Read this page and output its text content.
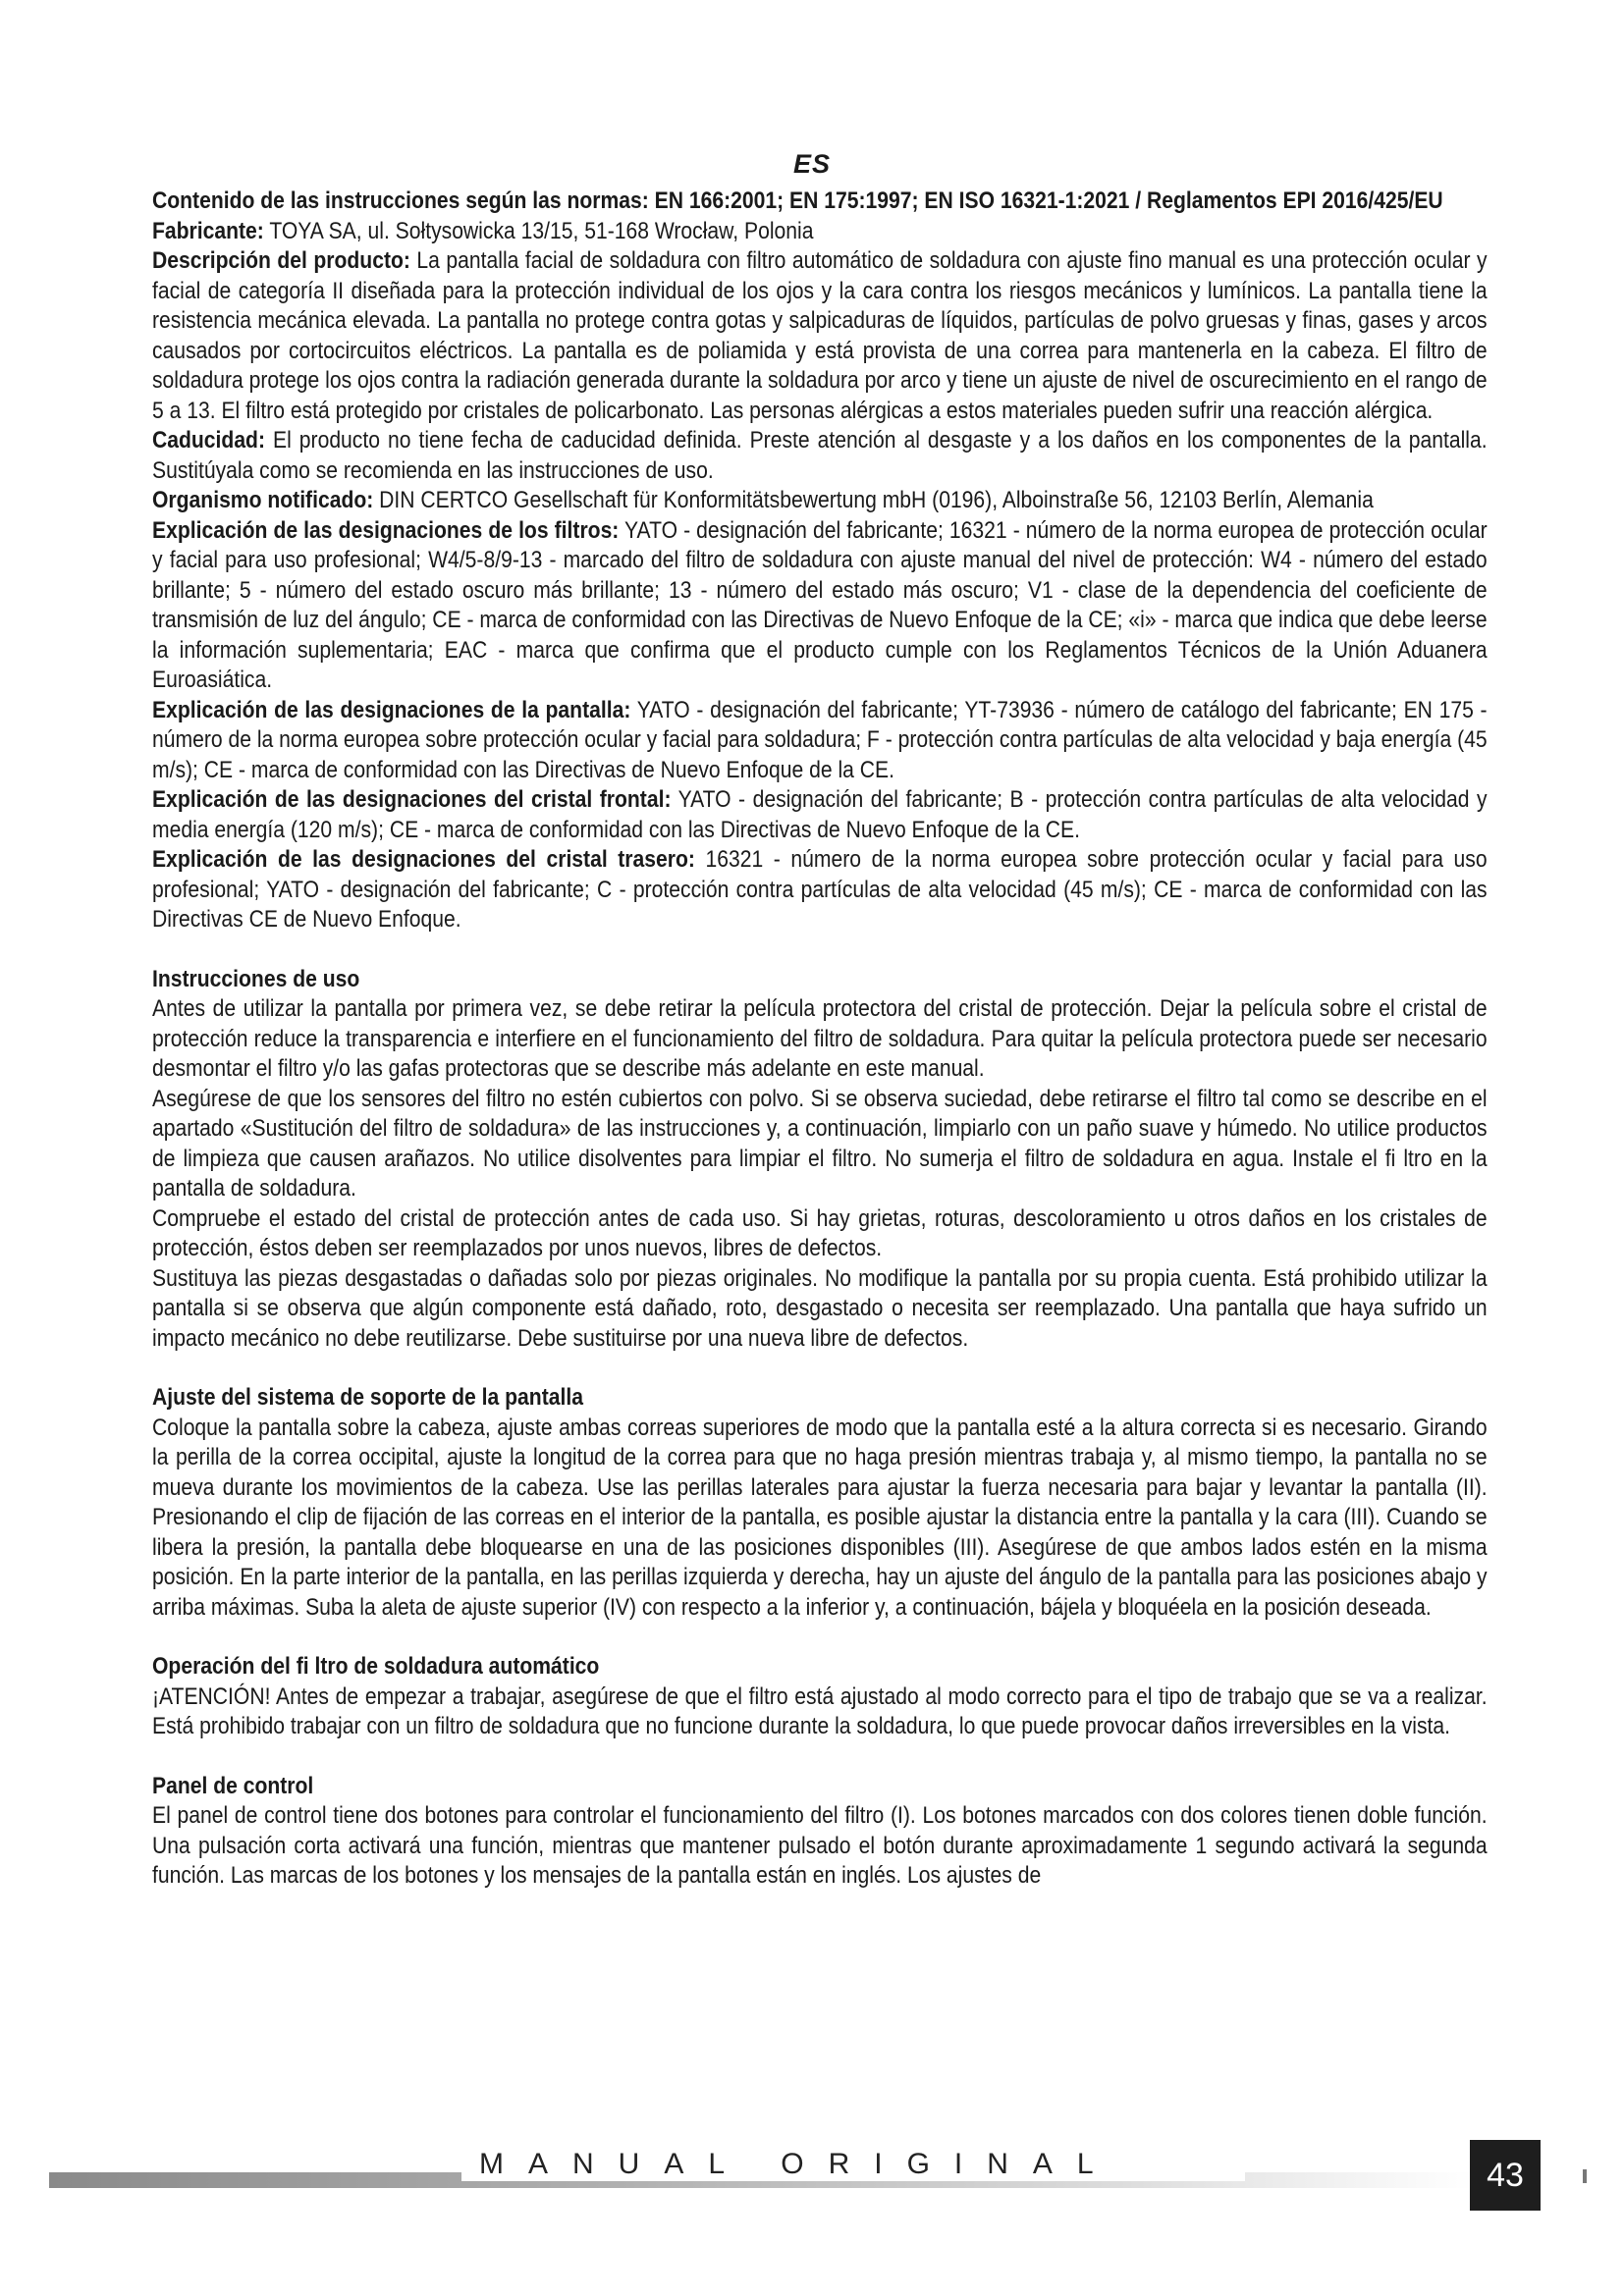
ES

Contenido de las instrucciones según las normas: EN 166:2001; EN 175:1997; EN ISO 16321-1:2021 / Reglamentos EPI 2016/425/EU

Fabricante: TOYA SA, ul. Sołtysowicka 13/15, 51-168 Wrocław, Polonia

Descripción del producto: La pantalla facial de soldadura con filtro automático de soldadura con ajuste fino manual es una protección ocular y facial de categoría II diseñada para la protección individual de los ojos y la cara contra los riesgos mecánicos y lumínicos. La pantalla tiene la resistencia mecánica elevada. La pantalla no protege contra gotas y salpicaduras de líquidos, partículas de polvo gruesas y finas, gases y arcos causados por cortocircuitos eléctricos. La pantalla es de poliamida y está provista de una correa para mantenerla en la cabeza. El filtro de soldadura protege los ojos contra la radiación generada durante la soldadura por arco y tiene un ajuste de nivel de oscurecimiento en el rango de 5 a 13. El filtro está protegido por cristales de policarbonato. Las personas alérgicas a estos materiales pueden sufrir una reacción alérgica.

Caducidad: El producto no tiene fecha de caducidad definida. Preste atención al desgaste y a los daños en los componentes de la pantalla. Sustitúyala como se recomienda en las instrucciones de uso.

Organismo notificado: DIN CERTCO Gesellschaft für Konformitätsbewertung mbH (0196), Alboinstraße 56, 12103 Berlín, Alemania

Explicación de las designaciones de los filtros: YATO - designación del fabricante; 16321 - número de la norma europea de protección ocular y facial para uso profesional; W4/5-8/9-13 - marcado del filtro de soldadura con ajuste manual del nivel de protección: W4 - número del estado brillante; 5 - número del estado oscuro más brillante; 13 - número del estado más oscuro; V1 - clase de la dependencia del coeficiente de transmisión de luz del ángulo; CE - marca de conformidad con las Directivas de Nuevo Enfoque de la CE; «i» - marca que indica que debe leerse la información suplementaria; EAC - marca que confirma que el producto cumple con los Reglamentos Técnicos de la Unión Aduanera Euroasiática.

Explicación de las designaciones de la pantalla: YATO - designación del fabricante; YT-73936 - número de catálogo del fabricante; EN 175 - número de la norma europea sobre protección ocular y facial para soldadura; F - protección contra partículas de alta velocidad y baja energía (45 m/s); CE - marca de conformidad con las Directivas de Nuevo Enfoque de la CE.

Explicación de las designaciones del cristal frontal: YATO - designación del fabricante; B - protección contra partículas de alta velocidad y media energía (120 m/s); CE - marca de conformidad con las Directivas de Nuevo Enfoque de la CE.

Explicación de las designaciones del cristal trasero: 16321 - número de la norma europea sobre protección ocular y facial para uso profesional; YATO - designación del fabricante; C - protección contra partículas de alta velocidad (45 m/s); CE - marca de conformidad con las Directivas CE de Nuevo Enfoque.

Instrucciones de uso

Antes de utilizar la pantalla por primera vez, se debe retirar la película protectora del cristal de protección. Dejar la película sobre el cristal de protección reduce la transparencia e interfiere en el funcionamiento del filtro de soldadura. Para quitar la película protectora puede ser necesario desmontar el filtro y/o las gafas protectoras que se describe más adelante en este manual.

Asegúrese de que los sensores del filtro no estén cubiertos con polvo. Si se observa suciedad, debe retirarse el filtro tal como se describe en el apartado «Sustitución del filtro de soldadura» de las instrucciones y, a continuación, limpiarlo con un paño suave y húmedo. No utilice productos de limpieza que causen arañazos. No utilice disolventes para limpiar el filtro. No sumerja el filtro de soldadura en agua. Instale el fi ltro en la pantalla de soldadura.

Compruebe el estado del cristal de protección antes de cada uso. Si hay grietas, roturas, descoloramiento u otros daños en los cristales de protección, éstos deben ser reemplazados por unos nuevos, libres de defectos.

Sustituya las piezas desgastadas o dañadas solo por piezas originales. No modifique la pantalla por su propia cuenta. Está prohibido utilizar la pantalla si se observa que algún componente está dañado, roto, desgastado o necesita ser reemplazado. Una pantalla que haya sufrido un impacto mecánico no debe reutilizarse. Debe sustituirse por una nueva libre de defectos.

Ajuste del sistema de soporte de la pantalla

Coloque la pantalla sobre la cabeza, ajuste ambas correas superiores de modo que la pantalla esté a la altura correcta si es necesario. Girando la perilla de la correa occipital, ajuste la longitud de la correa para que no haga presión mientras trabaja y, al mismo tiempo, la pantalla no se mueva durante los movimientos de la cabeza. Use las perillas laterales para ajustar la fuerza necesaria para bajar y levantar la pantalla (II). Presionando el clip de fijación de las correas en el interior de la pantalla, es posible ajustar la distancia entre la pantalla y la cara (III). Cuando se libera la presión, la pantalla debe bloquearse en una de las posiciones disponibles (III). Asegúrese de que ambos lados estén en la misma posición. En la parte interior de la pantalla, en las perillas izquierda y derecha, hay un ajuste del ángulo de la pantalla para las posiciones abajo y arriba máximas. Suba la aleta de ajuste superior (IV) con respecto a la inferior y, a continuación, bájela y bloquéela en la posición deseada.

Operación del fi ltro de soldadura automático

¡ATENCIÓN! Antes de empezar a trabajar, asegúrese de que el filtro está ajustado al modo correcto para el tipo de trabajo que se va a realizar. Está prohibido trabajar con un filtro de soldadura que no funcione durante la soldadura, lo que puede provocar daños irreversibles en la vista.

Panel de control

El panel de control tiene dos botones para controlar el funcionamiento del filtro (I). Los botones marcados con dos colores tienen doble función. Una pulsación corta activará una función, mientras que mantener pulsado el botón durante aproximadamente 1 segundo activará la segunda función. Las marcas de los botones y los mensajes de la pantalla están en inglés. Los ajustes de

MANUAL ORIGINAL	43
